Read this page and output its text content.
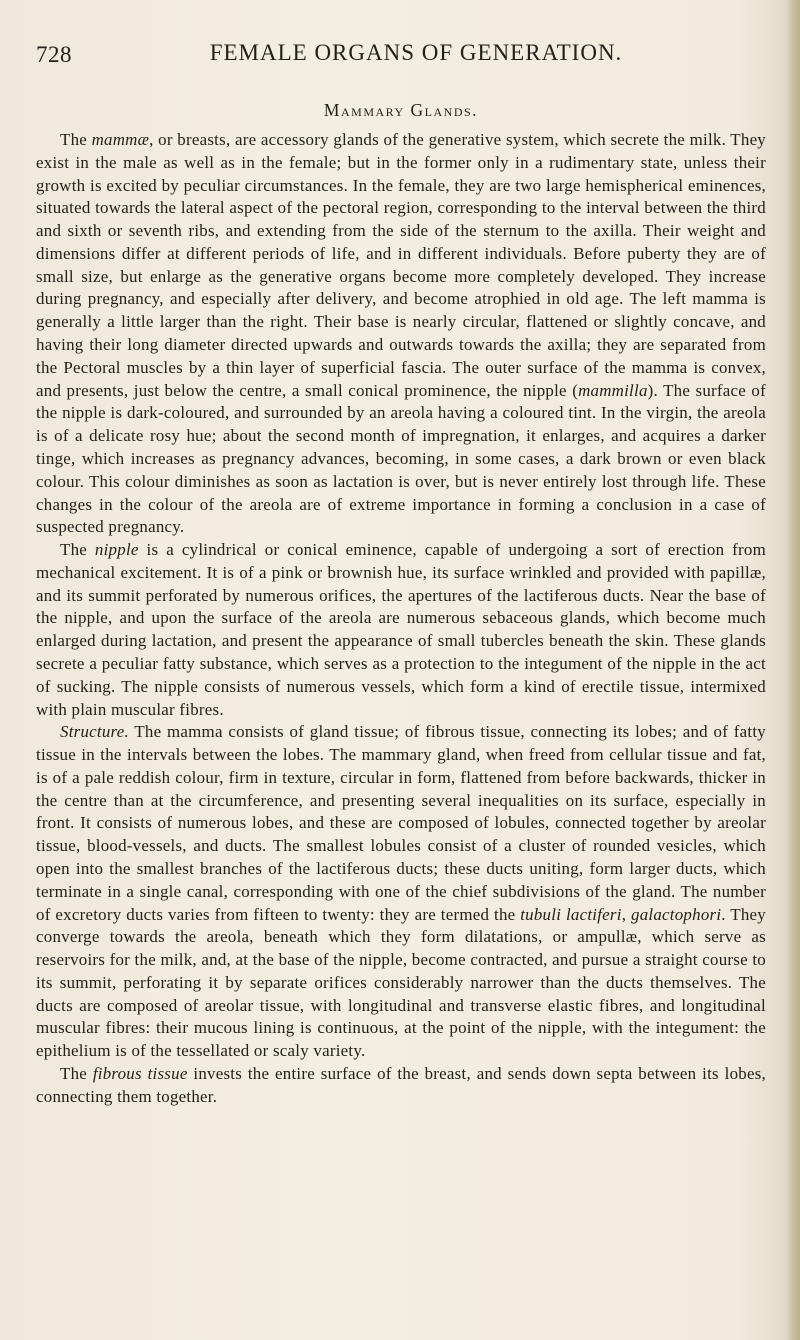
728	FEMALE ORGANS OF GENERATION.
Mammary Glands.

The mammæ, or breasts, are accessory glands of the generative system, which secrete the milk. They exist in the male as well as in the female; but in the former only in a rudimentary state, unless their growth is excited by peculiar circumstances. In the female, they are two large hemispherical eminences, situated towards the lateral aspect of the pectoral region, corresponding to the interval between the third and sixth or seventh ribs, and extending from the side of the sternum to the axilla. Their weight and dimensions differ at different periods of life, and in different individuals. Before puberty they are of small size, but enlarge as the generative organs become more completely developed. They increase during pregnancy, and especially after delivery, and become atrophied in old age. The left mamma is generally a little larger than the right. Their base is nearly circular, flattened or slightly concave, and having their long diameter directed upwards and outwards towards the axilla; they are separated from the Pectoral muscles by a thin layer of superficial fascia. The outer surface of the mamma is convex, and presents, just below the centre, a small conical prominence, the nipple (mammilla). The surface of the nipple is dark-coloured, and surrounded by an areola having a coloured tint. In the virgin, the areola is of a delicate rosy hue; about the second month of impregnation, it enlarges, and acquires a darker tinge, which increases as pregnancy advances, becoming, in some cases, a dark brown or even black colour. This colour diminishes as soon as lactation is over, but is never entirely lost through life. These changes in the colour of the areola are of extreme importance in forming a conclusion in a case of suspected pregnancy.

The nipple is a cylindrical or conical eminence, capable of undergoing a sort of erection from mechanical excitement. It is of a pink or brownish hue, its surface wrinkled and provided with papillæ, and its summit perforated by numerous orifices, the apertures of the lactiferous ducts. Near the base of the nipple, and upon the surface of the areola are numerous sebaceous glands, which become much enlarged during lactation, and present the appearance of small tubercles beneath the skin. These glands secrete a peculiar fatty substance, which serves as a protection to the integument of the nipple in the act of sucking. The nipple consists of numerous vessels, which form a kind of erectile tissue, intermixed with plain muscular fibres.

Structure. The mamma consists of gland tissue; of fibrous tissue, connecting its lobes; and of fatty tissue in the intervals between the lobes. The mammary gland, when freed from cellular tissue and fat, is of a pale reddish colour, firm in texture, circular in form, flattened from before backwards, thicker in the centre than at the circumference, and presenting several inequalities on its surface, especially in front. It consists of numerous lobes, and these are composed of lobules, connected together by areolar tissue, blood-vessels, and ducts. The smallest lobules consist of a cluster of rounded vesicles, which open into the smallest branches of the lactiferous ducts; these ducts uniting, form larger ducts, which terminate in a single canal, corresponding with one of the chief subdivisions of the gland. The number of excretory ducts varies from fifteen to twenty: they are termed the tubuli lactiferi, galactophori. They converge towards the areola, beneath which they form dilatations, or ampullæ, which serve as reservoirs for the milk, and, at the base of the nipple, become contracted, and pursue a straight course to its summit, perforating it by separate orifices considerably narrower than the ducts themselves. The ducts are composed of areolar tissue, with longitudinal and transverse elastic fibres, and longitudinal muscular fibres: their mucous lining is continuous, at the point of the nipple, with the integument: the epithelium is of the tessellated or scaly variety.

The fibrous tissue invests the entire surface of the breast, and sends down septa between its lobes, connecting them together.
